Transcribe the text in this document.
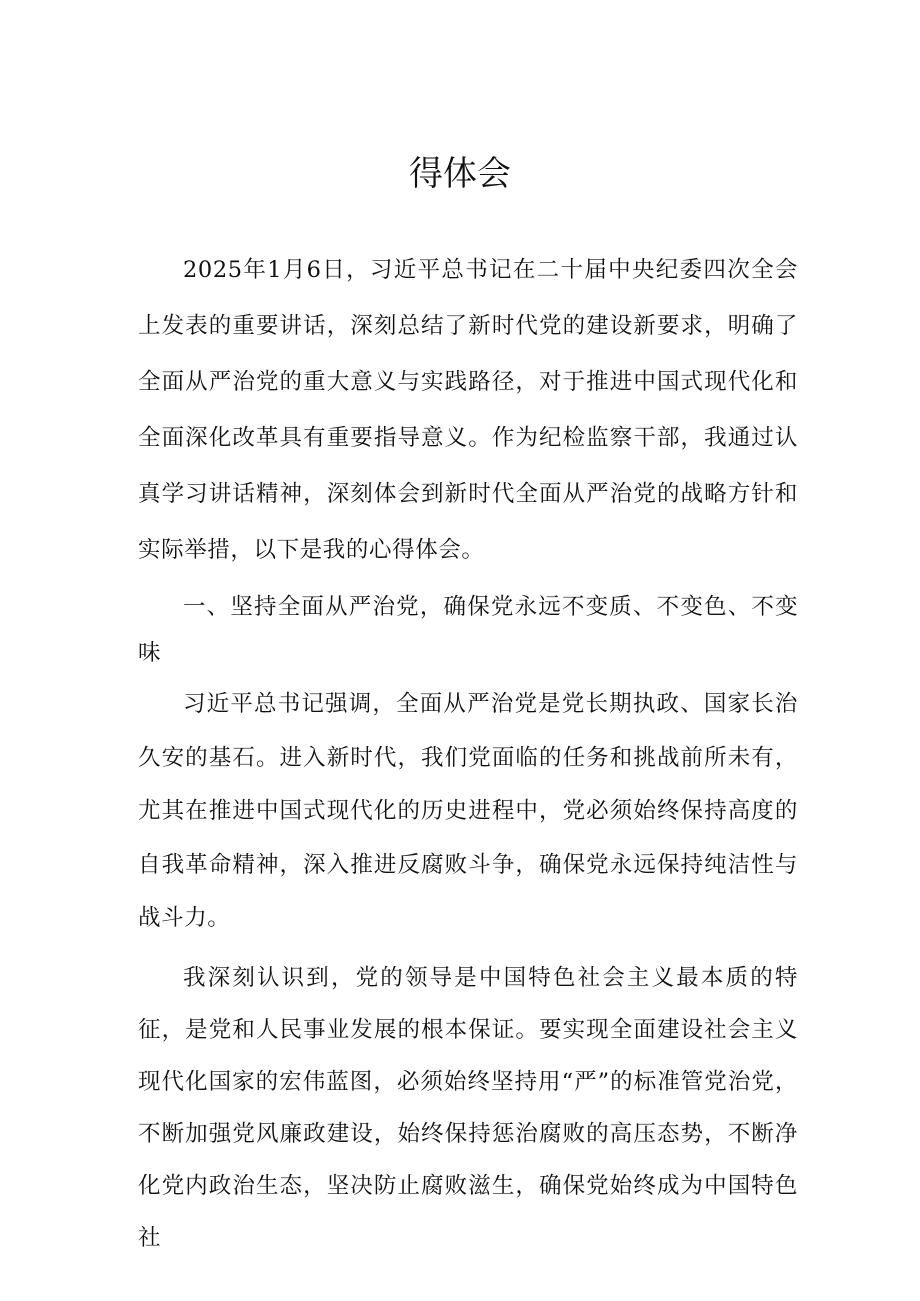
得体会

2025年1月6日，习近平总书记在二十届中央纪委四次全会上发表的重要讲话，深刻总结了新时代党的建设新要求，明确了全面从严治党的重大意义与实践路径，对于推进中国式现代化和全面深化改革具有重要指导意义。作为纪检监察干部，我通过认真学习讲话精神，深刻体会到新时代全面从严治党的战略方针和实际举措，以下是我的心得体会。

一、坚持全面从严治党，确保党永远不变质、不变色、不变味

习近平总书记强调，全面从严治党是党长期执政、国家长治久安的基石。进入新时代，我们党面临的任务和挑战前所未有，尤其在推进中国式现代化的历史进程中，党必须始终保持高度的自我革命精神，深入推进反腐败斗争，确保党永远保持纯洁性与战斗力。

我深刻认识到，党的领导是中国特色社会主义最本质的特征，是党和人民事业发展的根本保证。要实现全面建设社会主义现代化国家的宏伟蓝图，必须始终坚持用“严”的标准管党治党，不断加强党风廉政建设，始终保持惩治腐败的高压态势，不断净化党内政治生态，坚决防止腐败滋生，确保党始终成为中国特色社
